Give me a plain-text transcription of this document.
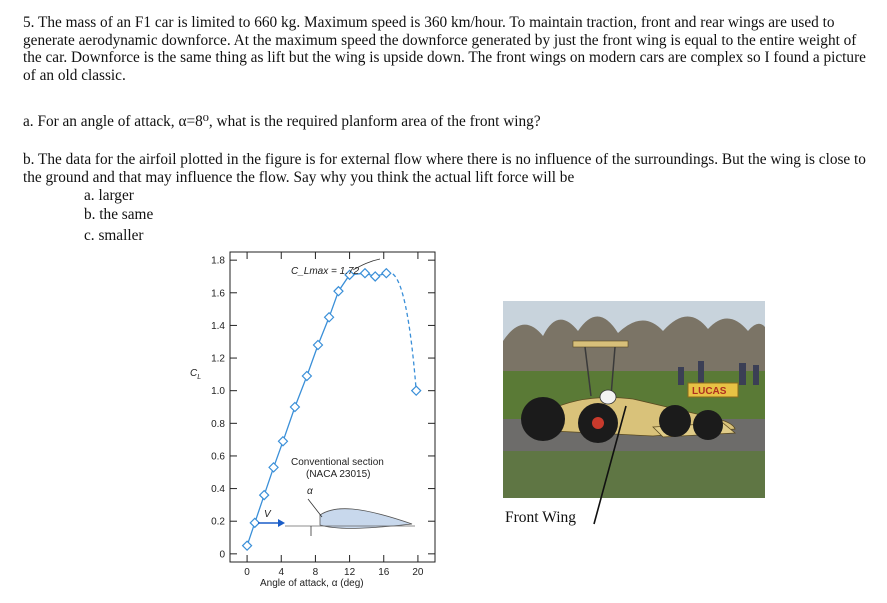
5. The mass of an F1 car is limited to 660 kg. Maximum speed is 360 km/hour. To maintain traction, front and rear wings are used to generate aerodynamic downforce. At the maximum speed the downforce generated by just the front wing is equal to the entire weight of the car. Downforce is the same thing as lift but the wing is upside down. The front wings on modern cars are complex so I found a picture of an old classic.

a. For an angle of attack, α=8⁰, what is the required planform area of the front wing?

b. The data for the airfoil plotted in the figure is for external flow where there is no influence of the surroundings. But the wing is close to the ground and that may influence the flow. Say why you think the actual lift force will be

a. larger
b. the same
c. smaller
0
0.2
0.4
0.6
0.8
1.0
1.2
1.4
1.6
1.8
0	4	8	12 16 20
V
α
C_Lmax = 1.72
Conventional section
(NACA 23015)
$C_L$
Angle of attack, α (deg)
LUCAS
Front Wing
